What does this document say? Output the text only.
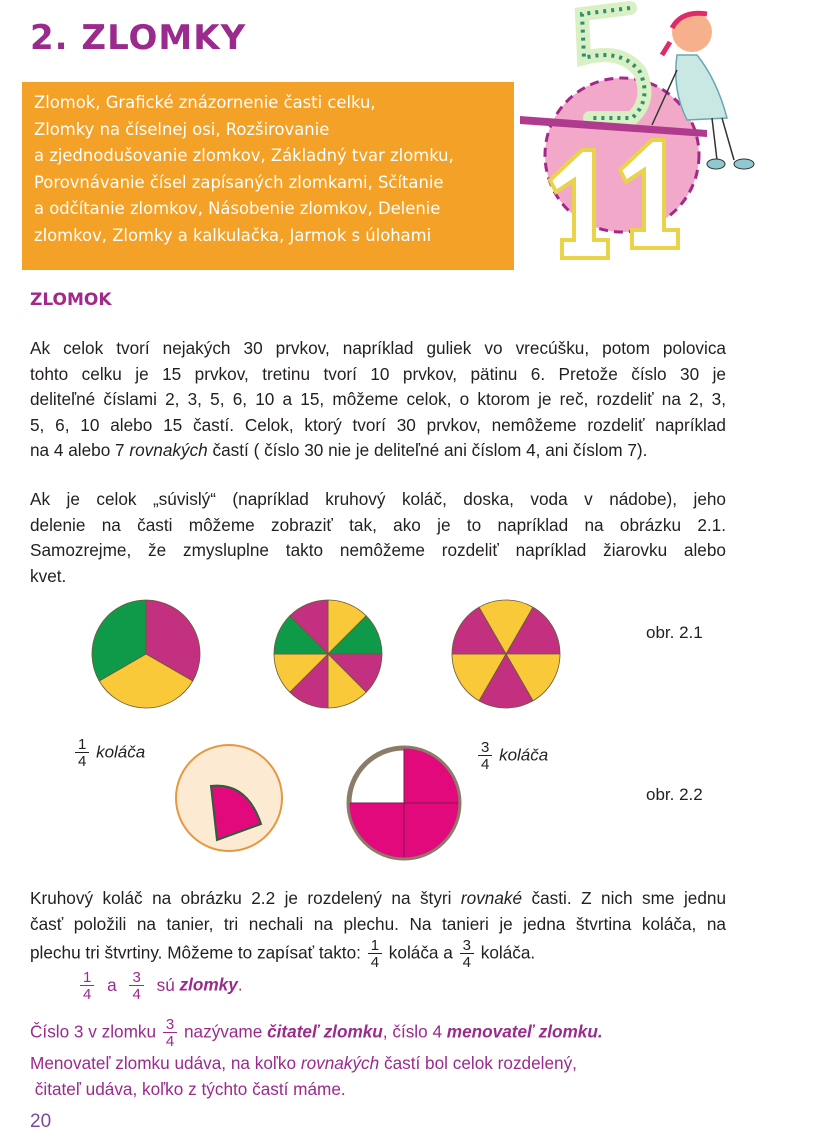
2. ZLOMKY
Zlomok, Grafické znázornenie časti celku,
Zlomky na číselnej osi, Rozširovanie
a zjednodušovanie zlomkov, Základný tvar zlomku,
Porovnávanie čísel zapísaných zlomkami, Sčítanie
a odčítanie zlomkov, Násobenie zlomkov, Delenie
zlomkov, Zlomky a kalkulačka, Jarmok s úlohami
ZLOMOK
Ak celok tvorí nejakých 30 prvkov, napríklad guliek vo vrecúšku, potom polovica
tohto celku je 15 prvkov, tretinu tvorí 10 prvkov, pätinu 6. Pretože číslo 30 je
deliteľné číslami 2, 3, 5, 6, 10 a 15, môžeme celok, o ktorom je reč, rozdeliť na 2, 3,
5, 6, 10 alebo 15 častí. Celok, ktorý tvorí 30 prvkov, nemôžeme rozdeliť napríklad
na 4 alebo 7 rovnakých častí ( číslo 30 nie je deliteľné ani číslom 4, ani číslom 7).
Ak je celok „súvislý“ (napríklad kruhový koláč, doska, voda v nádobe), jeho
delenie na časti môžeme zobraziť tak, ako je to napríklad na obrázku 2.1.
Samozrejme, že zmysluplne takto nemôžeme rozdeliť napríklad žiarovku alebo
kvet.
obr. 2.1
$\frac{1}{4}$ koláča	$\frac{3}{4}$ koláča
obr. 2.2
Kruhový koláč na obrázku 2.2 je rozdelený na štyri rovnaké časti. Z nich sme jednu
časť položili na tanier, tri nechali na plechu. Na tanieri je jedna štvrtina koláča, na
plechu tri štvrtiny. Môžeme to zapísať takto: $\frac{1}{4}$ koláča a $\frac{3}{4}$ koláča.
$\frac{1}{4}$ a $\frac{3}{4}$ sú zlomky.
Číslo 3 v zlomku $\frac{3}{4}$ nazývame čitateľ zlomku, číslo 4 menovateľ zlomku.
Menovateľ zlomku udáva, na koľko rovnakých častí bol celok rozdelený,
čitateľ udáva, koľko z týchto častí máme.
20
